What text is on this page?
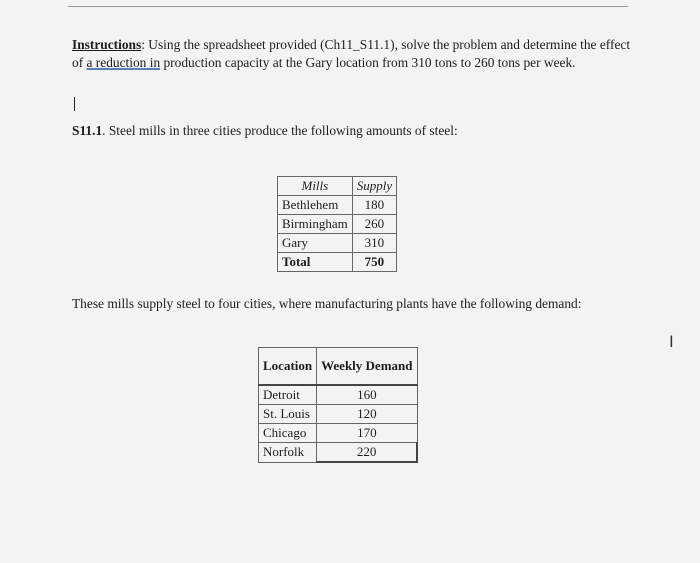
Instructions: Using the spreadsheet provided (Ch11_S11.1), solve the problem and determine the effect of a reduction in production capacity at the Gary location from 310 tons to 260 tons per week.
S11.1. Steel mills in three cities produce the following amounts of steel:
Mills	Supply
Bethlehem	180
Birmingham	260
Gary	310
Total	750
These mills supply steel to four cities, where manufacturing plants have the following demand:
I
Location	Weekly Demand
Detroit	160
St. Louis	120
Chicago	170
Norfolk	220
